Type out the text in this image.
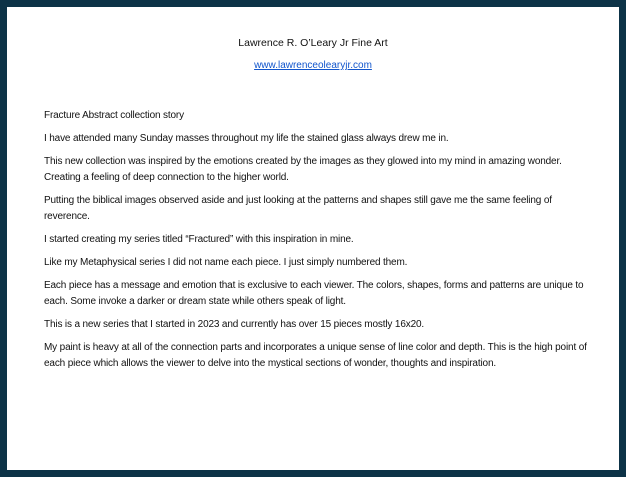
Lawrence R. O’Leary Jr Fine Art
www.lawrenceolearyjr.com

Fracture Abstract collection story

I have attended many Sunday masses throughout my life the stained glass always drew me in.

This new collection was inspired by the emotions created by the images as they glowed into my mind in amazing wonder. Creating a feeling of deep connection to the higher world.

Putting the biblical images observed aside and just looking at the patterns and shapes still gave me the same feeling of reverence.

I started creating my series titled “Fractured” with this inspiration in mine.

Like my Metaphysical series I did not name each piece. I just simply numbered them.

Each piece has a message and emotion that is exclusive to each viewer. The colors, shapes, forms and patterns are unique to each. Some invoke a darker or dream state while others speak of light.

This is a new series that I started in 2023 and currently has over 15 pieces mostly 16x20.

My paint is heavy at all of the connection parts and incorporates a unique sense of line color and depth. This is the high point of each piece which allows the viewer to delve into the mystical sections of wonder, thoughts and inspiration.
